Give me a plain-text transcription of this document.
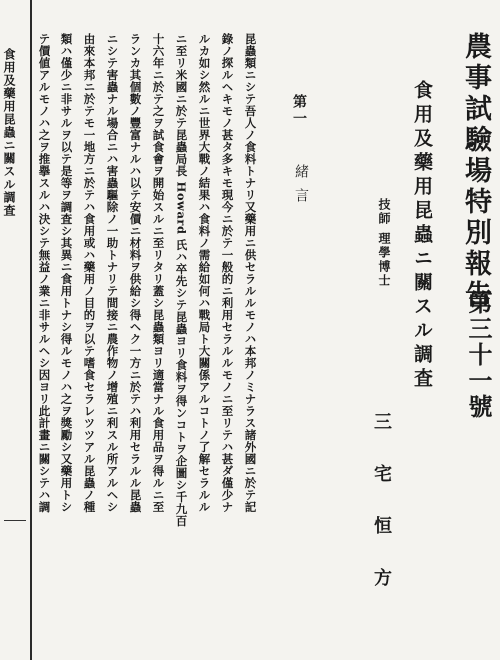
食用及藥用昆蟲ニ關スル調査	農事試驗場特別報告
第三十一號
食用及藥用昆蟲ニ關スル調査
技師 理學博士
三宅恒方
第一
緒言
昆蟲類ニシテ吾人ノ食料トナリ又藥用ニ供セラルルモノハ本邦ノミナラス諸外國ニ於テ記
錄ノ探ルヘキモノ甚タ多キモ現今ニ於テ一般的ニ利用セラルルモノニ至リテハ甚ダ僅少ナ
ルカ如シ然ルニ世界大戰ノ結果ハ食料ノ需給如何ハ戰局ト大關係アルコトノ了解セラルル
ニ至リ米國ニ於テ昆蟲局長 Howard 氏ハ卒先シテ昆蟲ヨリ食料ヲ得ンコトヲ企圖シ千九百
十六年ニ於テ之ヲ試食會ヲ開始スルニ至リタリ蓋シ昆蟲類ヨリ適當ナル食用品ヲ得ルニ至
ランカ其個數ノ豐富ナルハ以テ安價ニ材料ヲ供給シ得ヘク一方ニ於テハ利用セラルル昆蟲
ニシテ害蟲ナル場合ニハ害蟲驅除ノ一助トナリテ間接ニ農作物ノ增殖ニ利スル所アルヘシ
由來本邦ニ於テモ一地方ニ於テハ食用或ハ藥用ノ目的ヲ以テ嗜食セラレツツアル昆蟲ノ種
類ハ僅少ニ非サルヲ以テ是等ヲ調査シ其異ニ食用トナシ得ルモノハ之ヲ獎勵シ又藥用トシ
テ價値アルモノハ之ヲ推擧スルハ決シテ無益ノ業ニ非サルヘシ因ヨリ此計畫ニ關シテハ調
